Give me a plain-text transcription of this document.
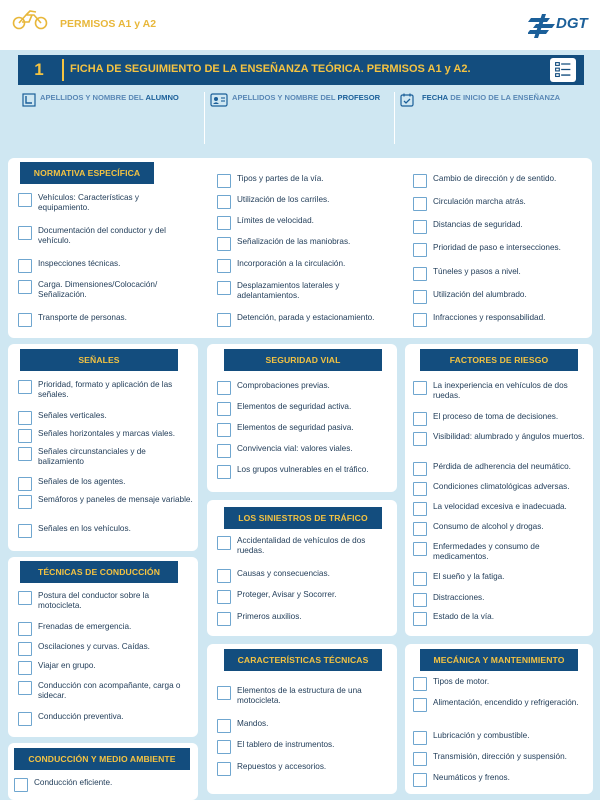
PERMISOS A1 y A2	DGT
1	FICHA DE SEGUIMIENTO DE LA ENSEÑANZA TEÓRICA. PERMISOS A1 y A2.
APELLIDOS Y NOMBRE DEL ALUMNO	APELLIDOS Y NOMBRE DEL PROFESOR	FECHA DE INICIO DE LA ENSEÑANZA
NORMATIVA ESPECÍFICA
Vehículos: Características y equipamiento.
Documentación del conductor y del vehículo.
Inspecciones técnicas.
Carga. Dimensiones/Colocación/ Señalización.
Transporte de personas.
Tipos y partes de la vía.
Utilización de los carriles.
Límites de velocidad.
Señalización de las maniobras.
Incorporación a la circulación.
Desplazamientos laterales y adelantamientos.
Detención, parada y estacionamiento.
Cambio de dirección y de sentido.
Circulación marcha atrás.
Distancias de seguridad.
Prioridad de paso e intersecciones.
Túneles y pasos a nivel.
Utilización del alumbrado.
Infracciones y responsabilidad.
SEÑALES
Prioridad, formato y aplicación de las señales.
Señales verticales.
Señales horizontales y marcas viales.
Señales circunstanciales y de balizamiento
Señales de los agentes.
Semáforos y paneles de mensaje variable.
Señales en los vehículos.
SEGURIDAD VIAL
Comprobaciones previas.
Elementos de seguridad activa.
Elementos de seguridad pasiva.
Convivencia vial: valores viales.
Los grupos vulnerables en el tráfico.
FACTORES DE RIESGO
La inexperiencia en vehículos de dos ruedas.
El proceso de toma de decisiones.
Visibilidad: alumbrado y ángulos muertos.
Pérdida de adherencia del neumático.
Condiciones climatológicas adversas.
La velocidad excesiva e inadecuada.
Consumo de alcohol y drogas.
Enfermedades y consumo de medicamentos.
El sueño y la fatiga.
Distracciones.
Estado de la vía.
LOS SINIESTROS DE TRÁFICO
Accidentalidad de vehículos de dos ruedas.
Causas y consecuencias.
Proteger, Avisar y Socorrer.
Primeros auxilios.
TÉCNICAS DE CONDUCCIÓN
Postura del conductor sobre la motocicleta.
Frenadas de emergencia.
Oscilaciones y curvas. Caídas.
Viajar en grupo.
Conducción con acompañante, carga o sidecar.
Conducción preventiva.
CARACTERÍSTICAS TÉCNICAS
Elementos de la estructura de una motocicleta.
Mandos.
El tablero de instrumentos.
Repuestos y accesorios.
MECÁNICA Y MANTENIMIENTO
Tipos de motor.
Alimentación, encendido y refrigeración.
Lubricación y combustible.
Transmisión, dirección y suspensión.
Neumáticos y frenos.
CONDUCCIÓN Y MEDIO AMBIENTE
Conducción eficiente.
